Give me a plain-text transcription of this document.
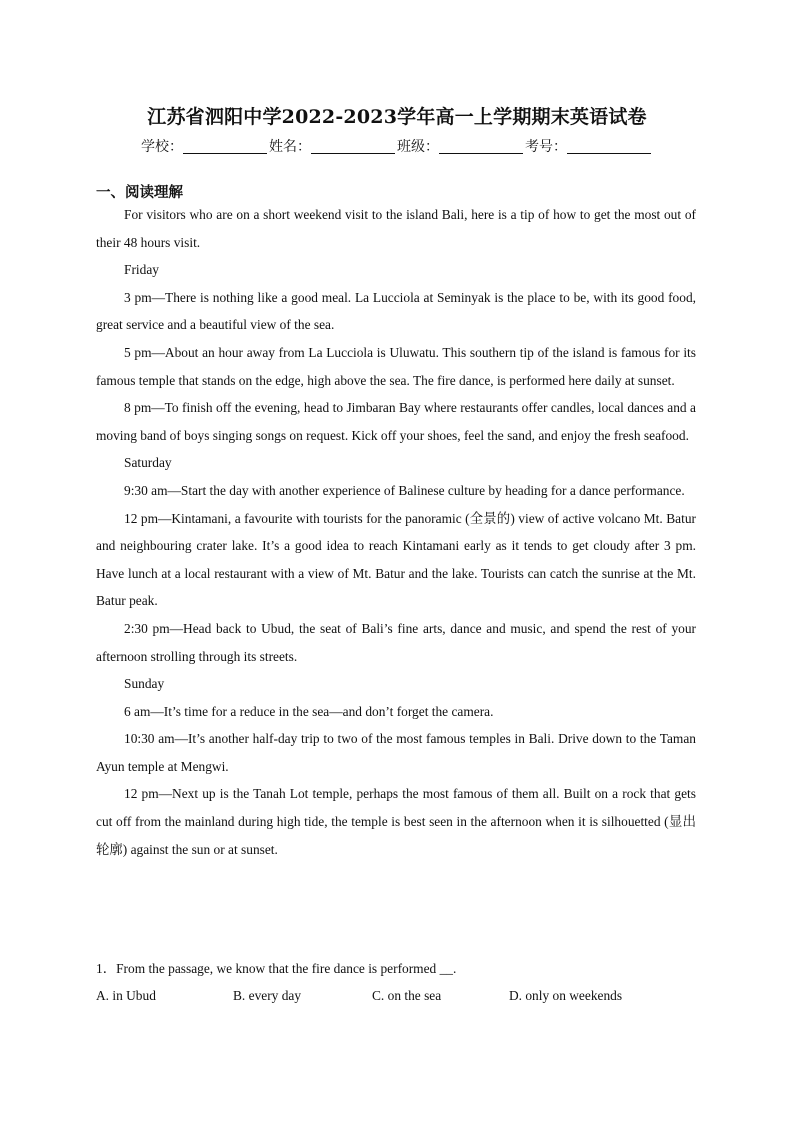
江苏省泗阳中学2022-2023学年高一上学期期末英语试卷
学校：	姓名：	班级：	考号：
一、阅读理解

For visitors who are on a short weekend visit to the island Bali, here is a tip of how to get the most out of their 48 hours visit.

Friday

3 pm—There is nothing like a good meal. La Lucciola at Seminyak is the place to be, with its good food, great service and a beautiful view of the sea.

5 pm—About an hour away from La Lucciola is Uluwatu. This southern tip of the island is famous for its famous temple that stands on the edge, high above the sea. The fire dance, is performed here daily at sunset.

8 pm—To finish off the evening, head to Jimbaran Bay where restaurants offer candles, local dances and a moving band of boys singing songs on request. Kick off your shoes, feel the sand, and enjoy the fresh seafood.

Saturday

9:30 am—Start the day with another experience of Balinese culture by heading for a dance performance.

12 pm—Kintamani, a favourite with tourists for the panoramic (全景的) view of active volcano Mt. Batur and neighbouring crater lake. It’s a good idea to reach Kintamani early as it tends to get cloudy after 3 pm. Have lunch at a local restaurant with a view of Mt. Batur and the lake. Tourists can catch the sunrise at the Mt. Batur peak.

2:30 pm—Head back to Ubud, the seat of Bali’s fine arts, dance and music, and spend the rest of your afternoon strolling through its streets.

Sunday

6 am—It’s time for a reduce in the sea—and don’t forget the camera.

10:30 am—It’s another half-day trip to two of the most famous temples in Bali. Drive down to the Taman Ayun temple at Mengwi.

12 pm—Next up is the Tanah Lot temple, perhaps the most famous of them all. Built on a rock that gets cut off from the mainland during high tide, the temple is best seen in the afternoon when it is silhouetted (显出轮廓) against the sun or at sunset.

1．From the passage, we know that the fire dance is performed __.
A. in Ubud	B. every day	C. on the sea	D. only on weekends
